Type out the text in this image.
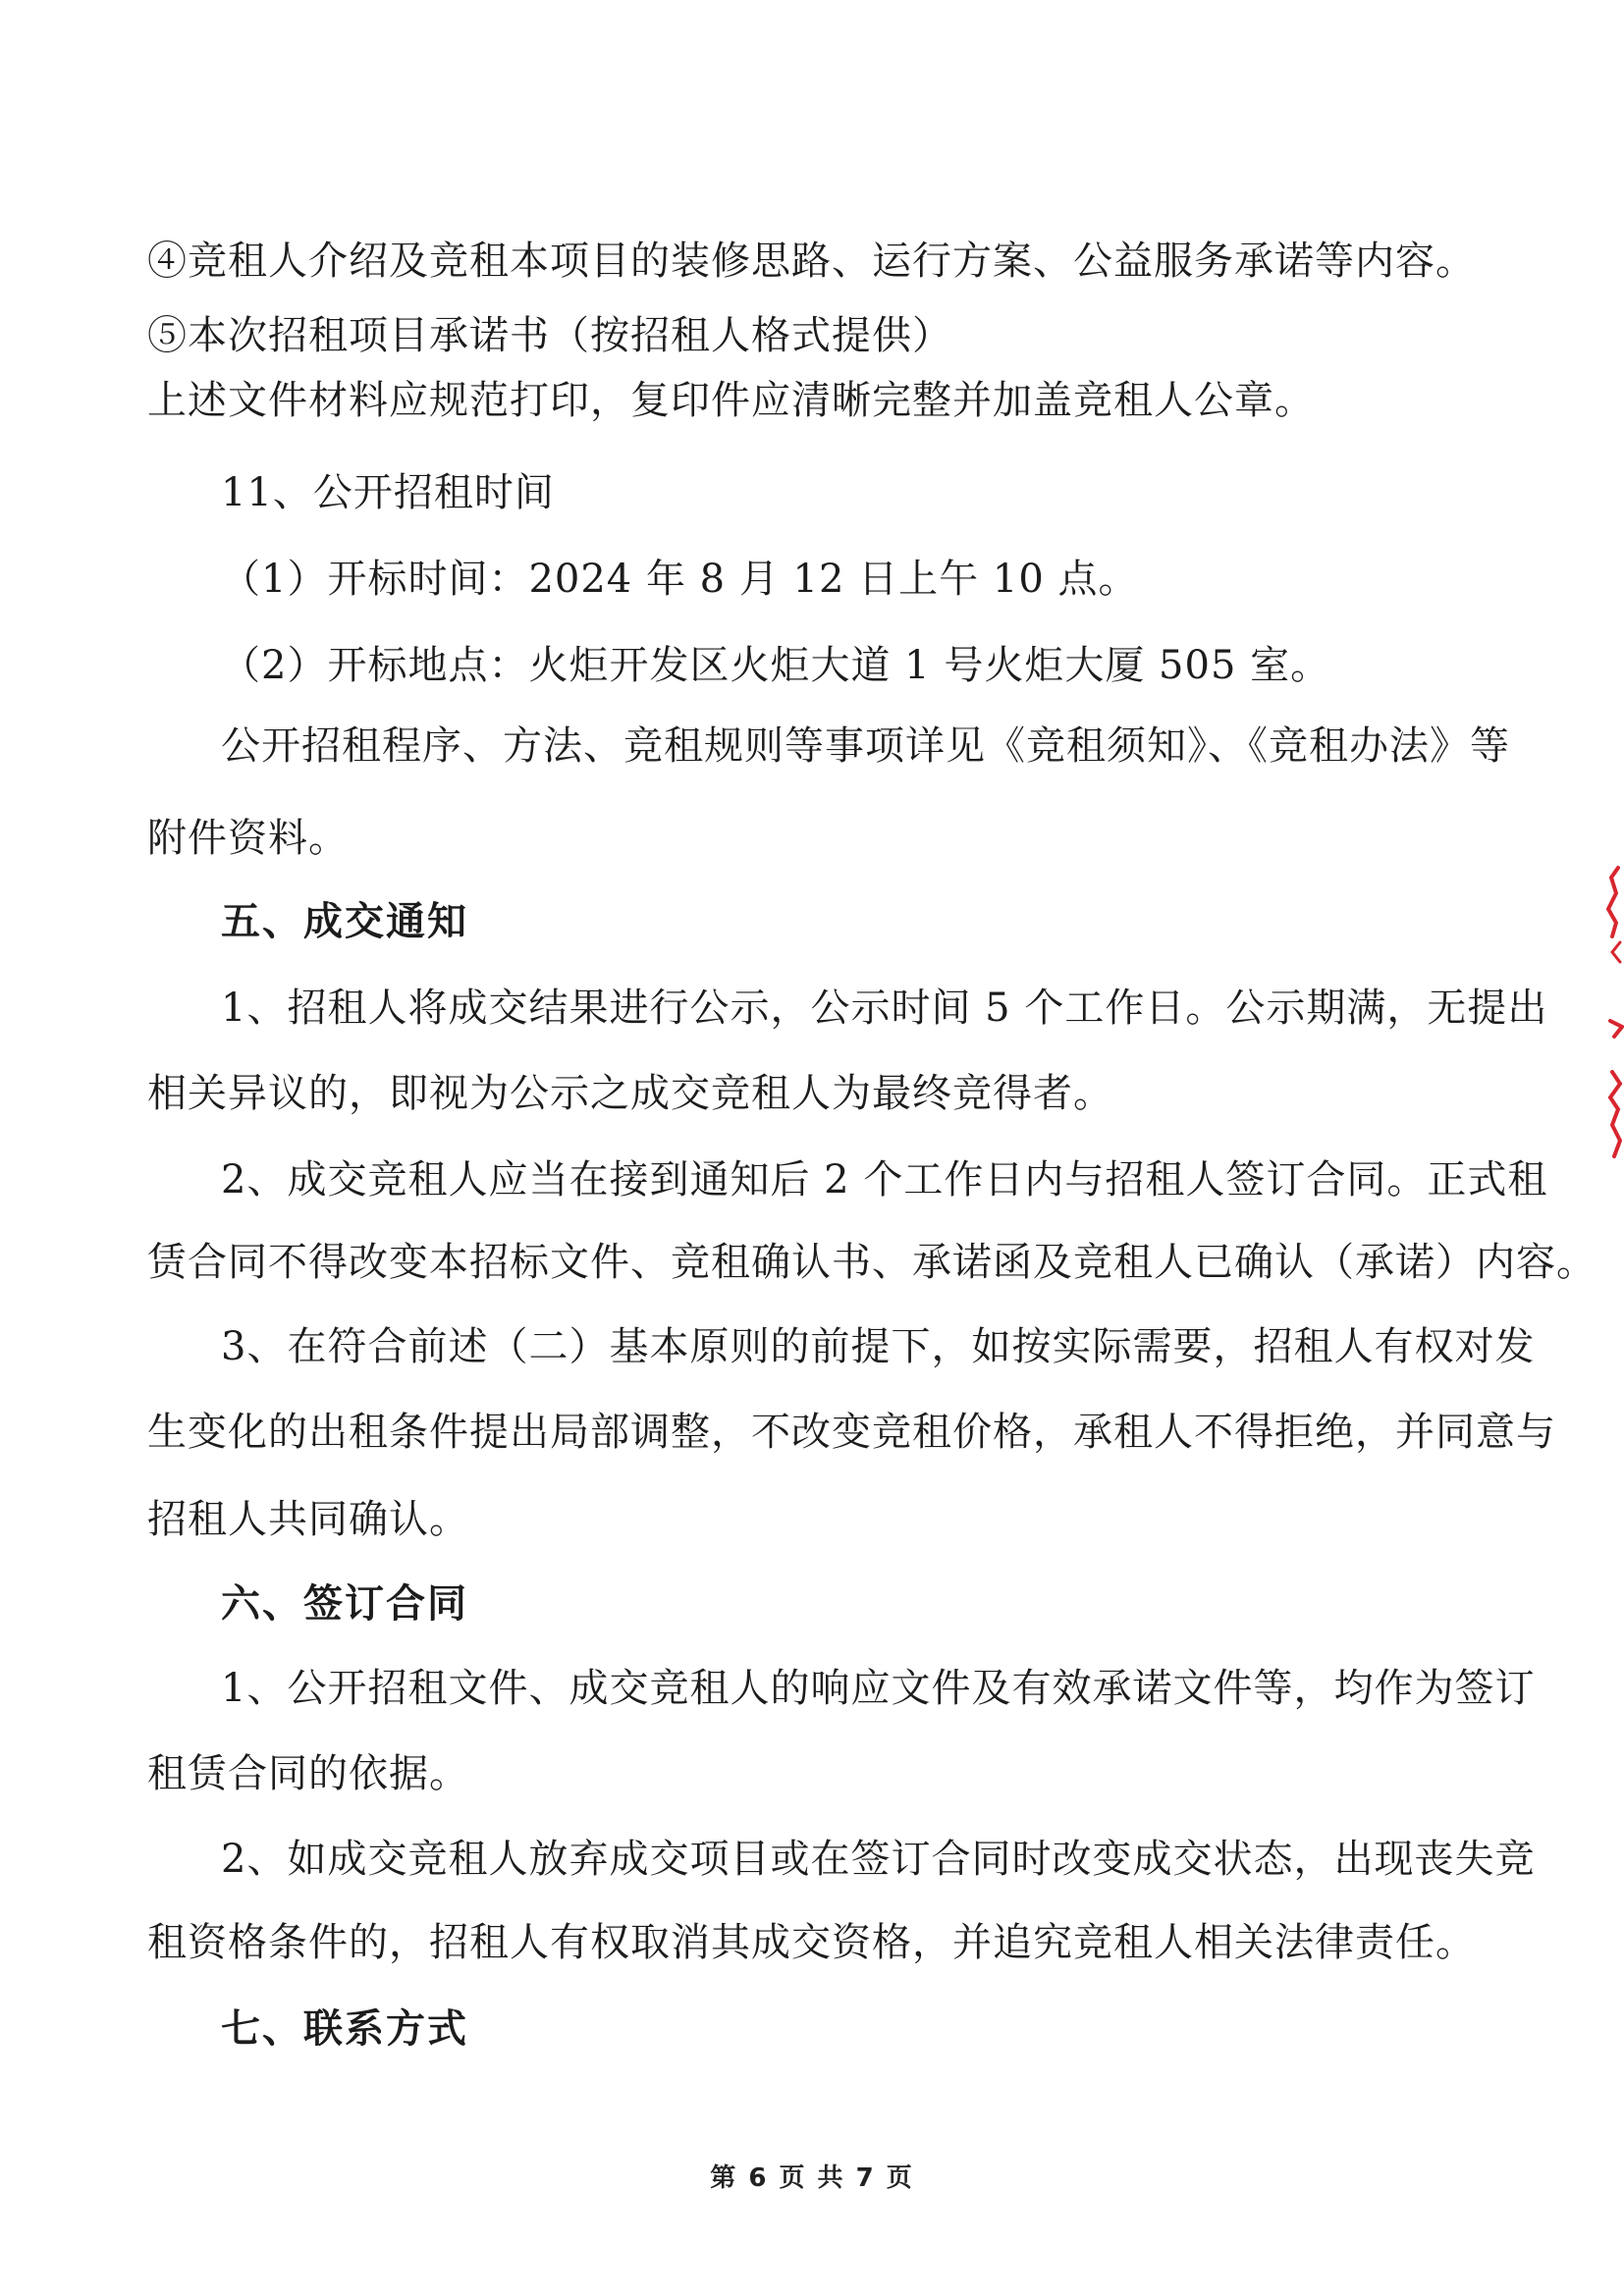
④竞租人介绍及竞租本项目的装修思路、运行方案、公益服务承诺等内容。
⑤本次招租项目承诺书（按招租人格式提供）
上述文件材料应规范打印，复印件应清晰完整并加盖竞租人公章。
11、公开招租时间
（1）开标时间：2024 年 8 月 12 日上午 10 点。
（2）开标地点：火炬开发区火炬大道 1 号火炬大厦 505 室。
公开招租程序、方法、竞租规则等事项详见《竞租须知》、《竞租办法》等
附件资料。
五、成交通知
1、招租人将成交结果进行公示，公示时间 5 个工作日。公示期满，无提出
相关异议的，即视为公示之成交竞租人为最终竞得者。
2、成交竞租人应当在接到通知后 2 个工作日内与招租人签订合同。正式租
赁合同不得改变本招标文件、竞租确认书、承诺函及竞租人已确认（承诺）内容。
3、在符合前述（二）基本原则的前提下，如按实际需要，招租人有权对发
生变化的出租条件提出局部调整，不改变竞租价格，承租人不得拒绝，并同意与
招租人共同确认。
六、签订合同
1、公开招租文件、成交竞租人的响应文件及有效承诺文件等，均作为签订
租赁合同的依据。
2、如成交竞租人放弃成交项目或在签订合同时改变成交状态，出现丧失竞
租资格条件的，招租人有权取消其成交资格，并追究竞租人相关法律责任。
七、联系方式
第 6 页 共 7 页
